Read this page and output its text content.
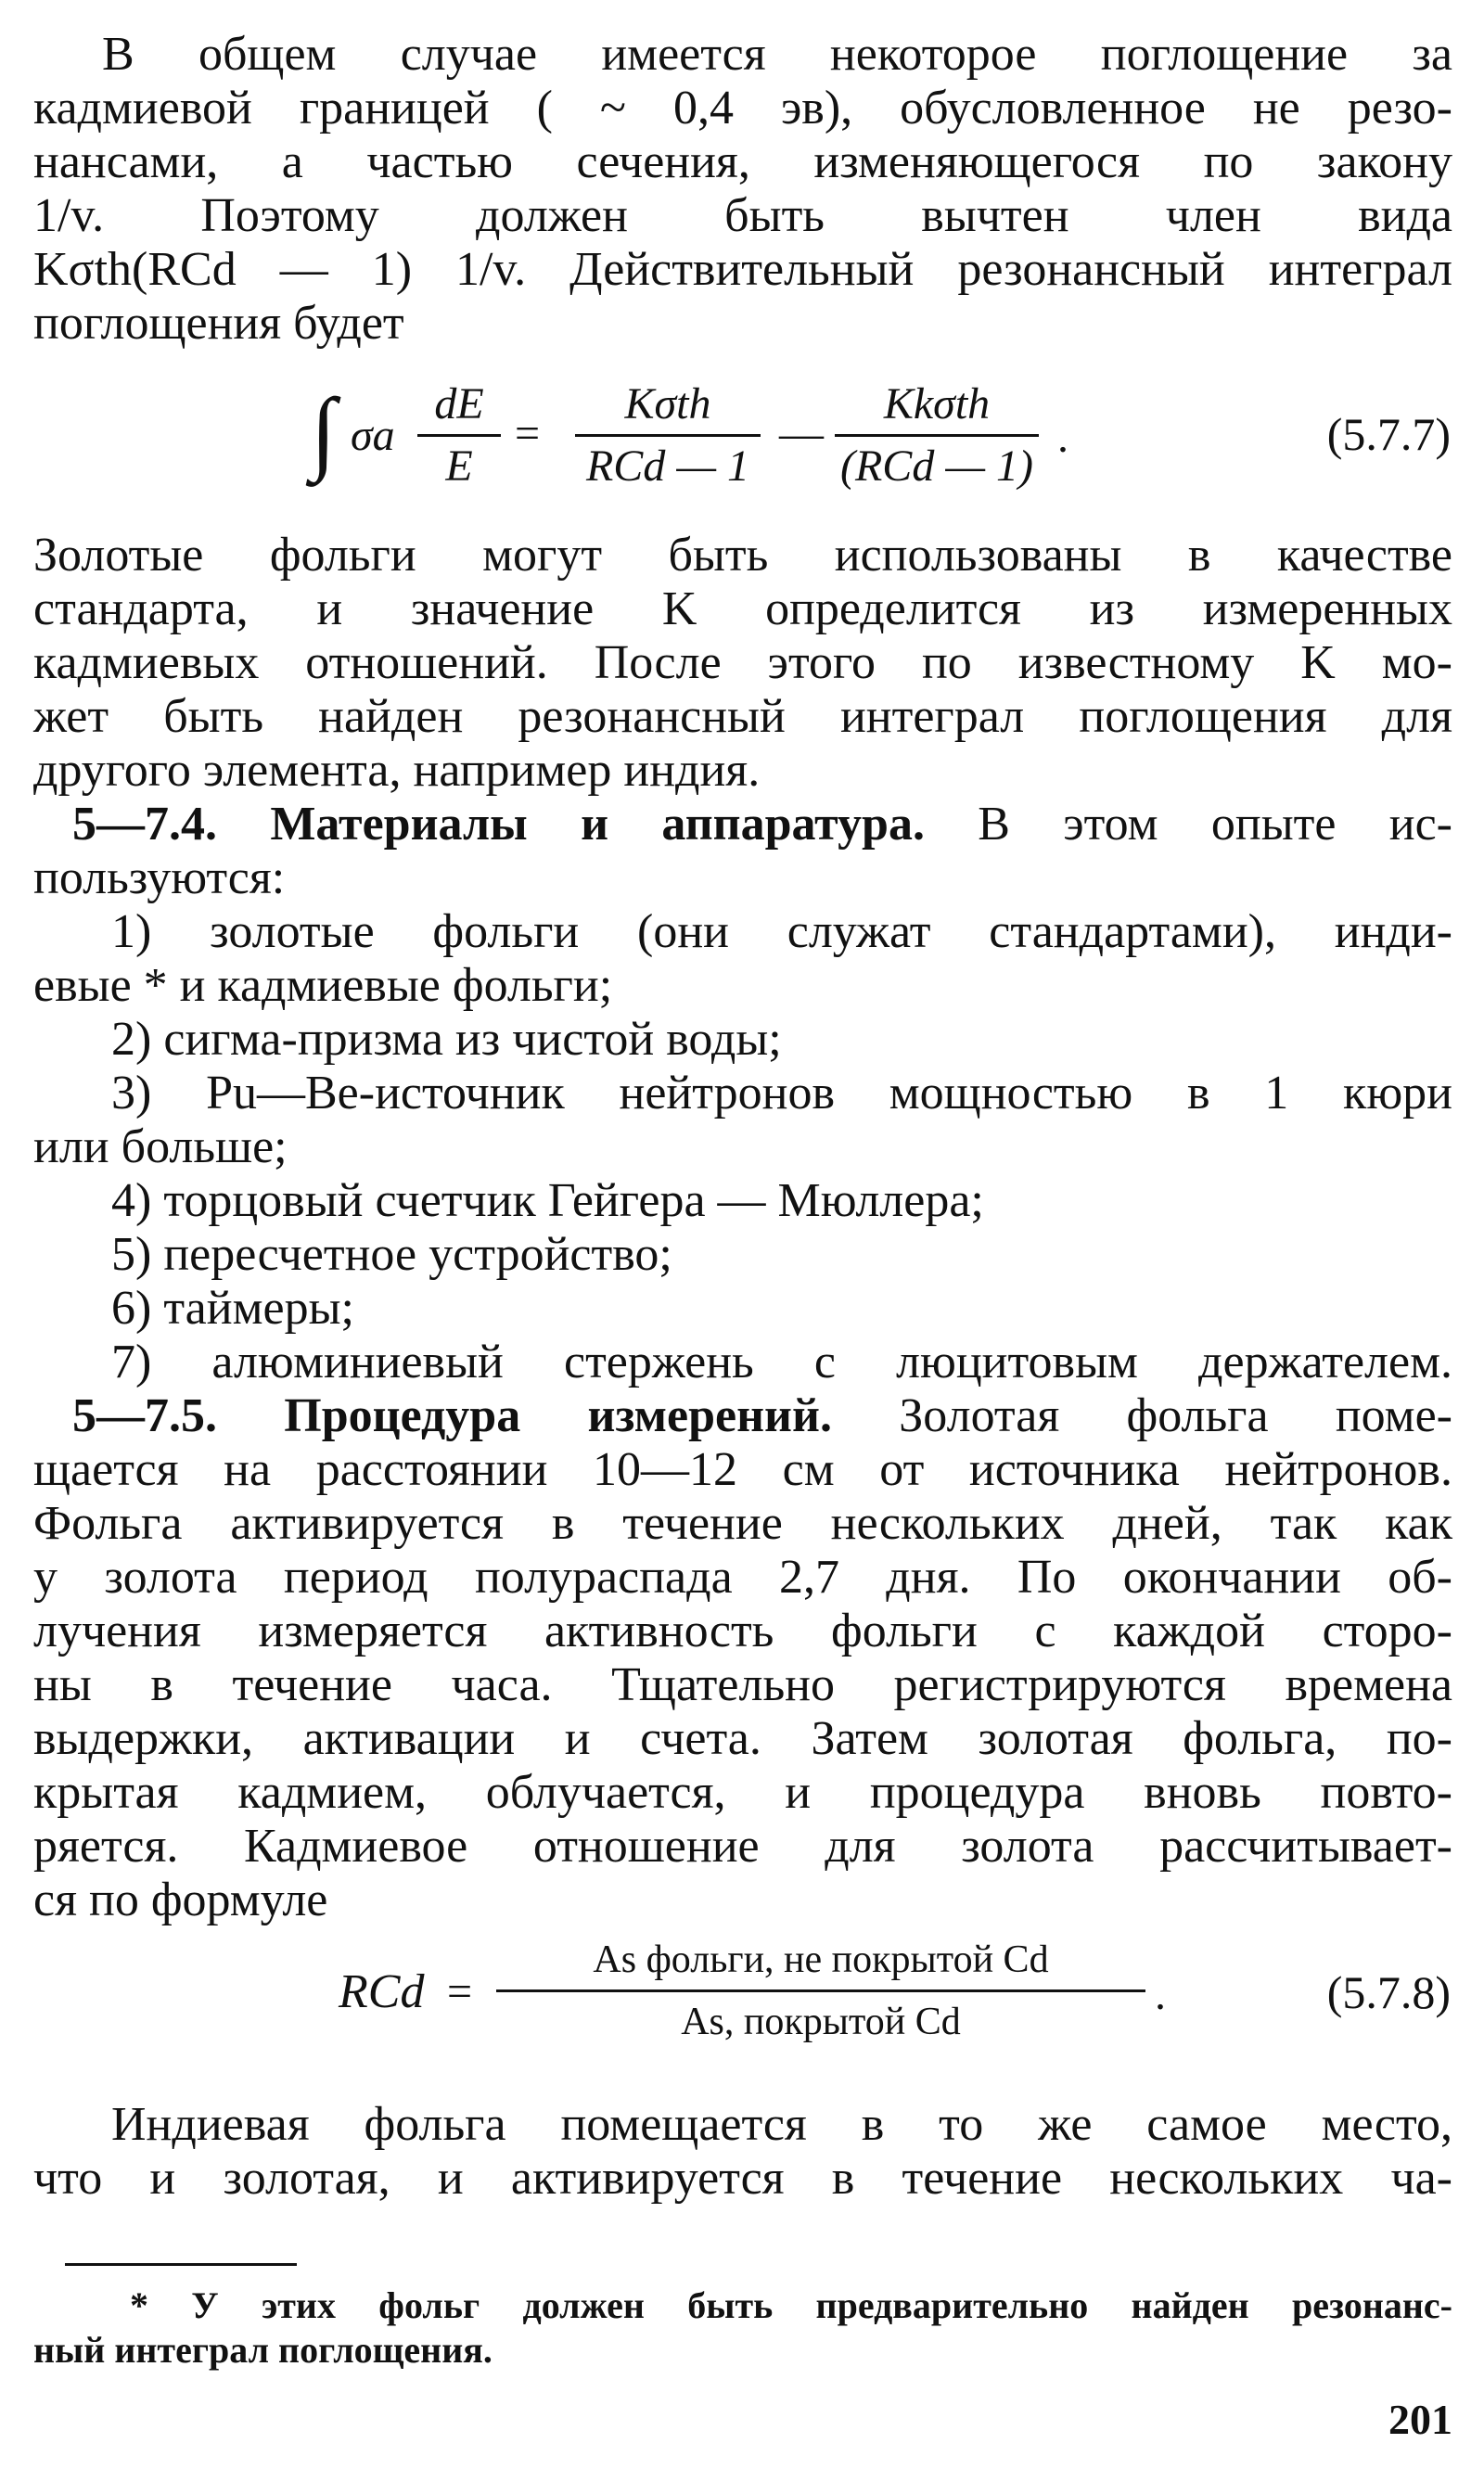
В общем случае имеется некоторое поглощение за
кадмиевой границей ( ~ 0,4 эв), обусловленное не резо-
нансами, а частью сечения, изменяющегося по закону
1/v. Поэтому должен быть вычтен член вида
Kσth(RCd — 1) 1/v. Действительный резонансный интеграл
поглощения будет
∫ σa
dE
E
=
Kσth
RCd — 1
—
Kkσth
(RCd — 1)
.	(5.7.7)
Золотые фольги могут быть использованы в качестве
стандарта, и значение K определится из измеренных
кадмиевых отношений. После этого по известному K мо-
жет быть найден резонансный интеграл поглощения для
другого элемента, например индия.
5—7.4. Материалы и аппаратура. В этом опыте ис-
пользуются:
1) золотые фольги (они служат стандартами), инди-
евые * и кадмиевые фольги;
2) сигма-призма из чистой воды;
3) Pu—Be-источник нейтронов мощностью в 1 кюри
или больше;
4) торцовый счетчик Гейгера — Мюллера;
5) пересчетное устройство;
6) таймеры;
7) алюминиевый стержень с люцитовым держателем.
5—7.5. Процедура измерений. Золотая фольга поме-
щается на расстоянии 10—12 см от источника нейтронов.
Фольга активируется в течение нескольких дней, так как
у золота период полураспада 2,7 дня. По окончании об-
лучения измеряется активность фольги с каждой сторо-
ны в течение часа. Тщательно регистрируются времена
выдержки, активации и счета. Затем золотая фольга, по-
крытая кадмием, облучается, и процедура вновь повто-
ряется. Кадмиевое отношение для золота рассчитывает-
ся по формуле
RCd =
As фольги, не покрытой Cd
As, покрытой Cd
.	(5.7.8)
Индиевая фольга помещается в то же самое место,
что и золотая, и активируется в течение нескольких ча-
* У этих фольг должен быть предварительно найден резонанс-
ный интеграл поглощения.
201
